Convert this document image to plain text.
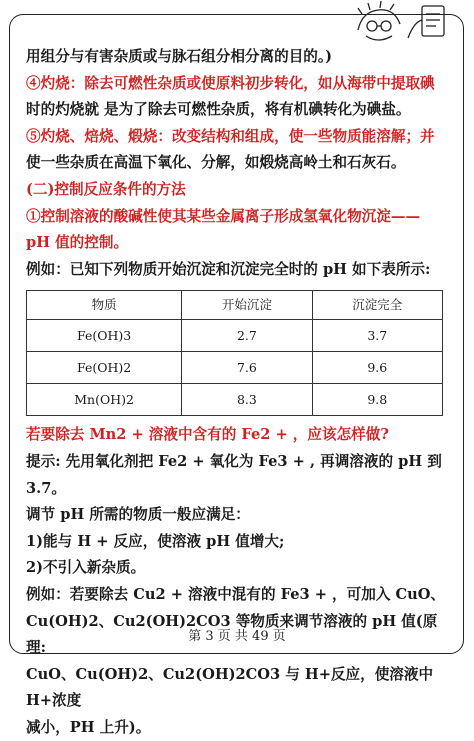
用组分与有害杂质或与脉石组分相分离的目的。)

④灼烧：除去可燃性杂质或使原料初步转化，如从海带中提取碘

时的灼烧就 是为了除去可燃性杂质，将有机碘转化为碘盐。

⑤灼烧、焙烧、煅烧：改变结构和组成，使一些物质能溶解；并

使一些杂质在高温下氧化、分解，如煅烧高岭土和石灰石。

(二)控制反应条件的方法

①控制溶液的酸碱性使其某些金属离子形成氢氧化物沉淀——

pH 值的控制。

例如：已知下列物质开始沉淀和沉淀完全时的 pH 如下表所示:

物质	开始沉淀	沉淀完全
Fe(OH)3	2.7	3.7
Fe(OH)2	7.6	9.6
Mn(OH)2	8.3	9.8

若要除去 Mn2 + 溶液中含有的 Fe2 + ，应该怎样做?

提示: 先用氧化剂把 Fe2 + 氧化为 Fe3 + , 再调溶液的 pH 到 3.7。

调节 pH 所需的物质一般应满足：

1)能与 H + 反应，使溶液 pH 值增大;

2)不引入新杂质。

例如：若要除去 Cu2 + 溶液中混有的 Fe3 + ，可加入 CuO、

Cu(OH)2、Cu2(OH)2CO3 等物质来调节溶液的 pH 值(原理:

CuO、Cu(OH)2、Cu2(OH)2CO3 与 H+反应，使溶液中 H+浓度

减小，PH 上升)。

第 3 页 共 49 页
